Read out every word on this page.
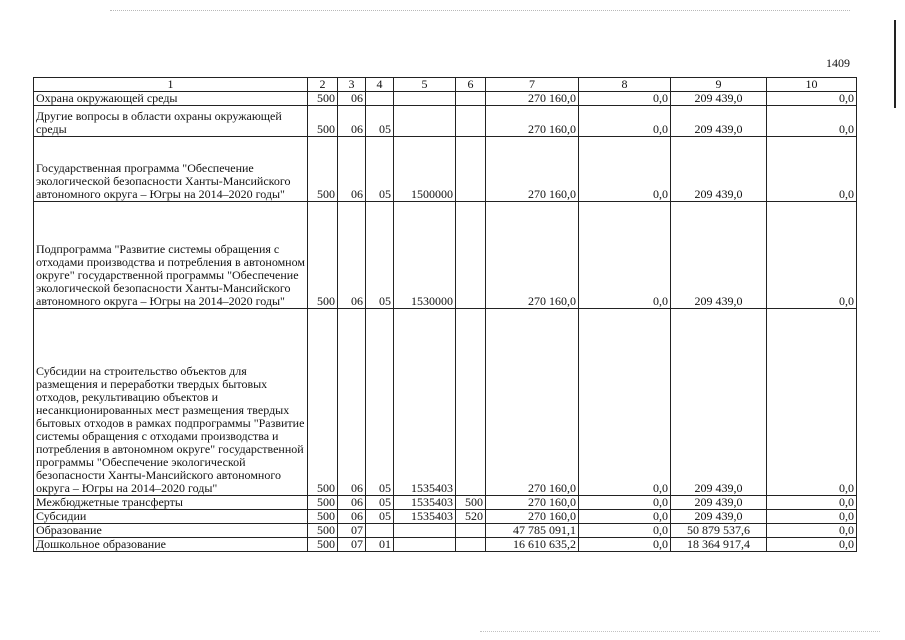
1409
1	2	3	4	5	6	7	8	9	10
Охрана окружающей среды	500	06				270 160,0	0,0	209 439,0	0,0
Другие вопросы в области охраны окружающей среды	500	06	05			270 160,0	0,0	209 439,0	0,0
Государственная программа "Обеспечение экологической безопасности Ханты-Мансийского автономного округа – Югры на 2014–2020 годы"	500	06	05	1500000		270 160,0	0,0	209 439,0	0,0
Подпрограмма "Развитие системы обращения с отходами производства и потребления в автономном округе" государственной программы "Обеспечение экологической безопасности Ханты-Мансийского автономного округа – Югры на 2014–2020 годы"	500	06	05	1530000		270 160,0	0,0	209 439,0	0,0
Субсидии на строительство объектов для размещения и переработки твердых бытовых отходов, рекультивацию объектов и несанкционированных мест размещения твердых бытовых отходов в рамках подпрограммы "Развитие системы обращения с отходами производства и потребления в автономном округе" государственной программы "Обеспечение экологической безопасности Ханты-Мансийского автономного округа – Югры на 2014–2020 годы"	500	06	05	1535403		270 160,0	0,0	209 439,0	0,0
Межбюджетные трансферты	500	06	05	1535403	500	270 160,0	0,0	209 439,0	0,0
Субсидии	500	06	05	1535403	520	270 160,0	0,0	209 439,0	0,0
Образование	500	07				47 785 091,1	0,0	50 879 537,6	0,0
Дошкольное образование	500	07	01			16 610 635,2	0,0	18 364 917,4	0,0
